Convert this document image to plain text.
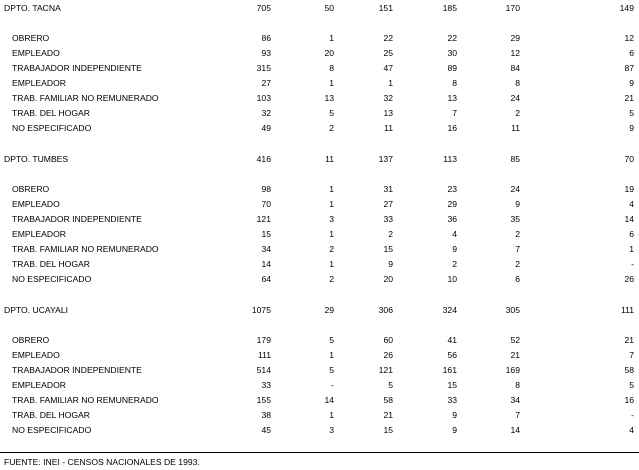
DPTO. TACNA	705	50	151	185	170	149
OBRERO	86	1	22	22	29	12
EMPLEADO	93	20	25	30	12	6
TRABAJADOR INDEPENDIENTE	315	8	47	89	84	87
EMPLEADOR	27	1	1	8	8	9
TRAB. FAMILIAR NO REMUNERADO	103	13	32	13	24	21
TRAB. DEL HOGAR	32	5	13	7	2	5
NO ESPECIFICADO	49	2	11	16	11	9
DPTO. TUMBES	416	11	137	113	85	70
OBRERO	98	1	31	23	24	19
EMPLEADO	70	1	27	29	9	4
TRABAJADOR INDEPENDIENTE	121	3	33	36	35	14
EMPLEADOR	15	1	2	4	2	6
TRAB. FAMILIAR NO REMUNERADO	34	2	15	9	7	1
TRAB. DEL HOGAR	14	1	9	2	2	-
NO ESPECIFICADO	64	2	20	10	6	26
DPTO. UCAYALI	1075	29	306	324	305	111
OBRERO	179	5	60	41	52	21
EMPLEADO	111	1	26	56	21	7
TRABAJADOR INDEPENDIENTE	514	5	121	161	169	58
EMPLEADOR	33	-	5	15	8	5
TRAB. FAMILIAR NO REMUNERADO	155	14	58	33	34	16
TRAB. DEL HOGAR	38	1	21	9	7	-
NO ESPECIFICADO	45	3	15	9	14	4
FUENTE: INEI - CENSOS NACIONALES DE 1993.
